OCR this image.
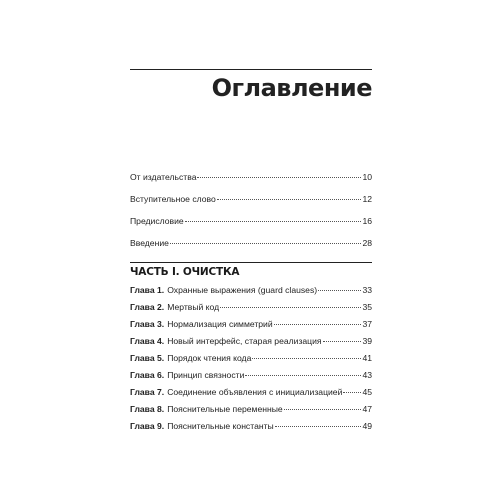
Оглавление
От издательства	10
Вступительное слово	12
Предисловие	16
Введение	28
ЧАСТЬ I. ОЧИСТКА
Глава 1. Охранные выражения (guard clauses)	33
Глава 2. Мертвый код	35
Глава 3. Нормализация симметрий	37
Глава 4. Новый интерфейс, старая реализация	39
Глава 5. Порядок чтения кода	41
Глава 6. Принцип связности	43
Глава 7. Соединение объявления с инициализацией 45
Глава 8. Пояснительные переменные	47
Глава 9. Пояснительные константы	49
